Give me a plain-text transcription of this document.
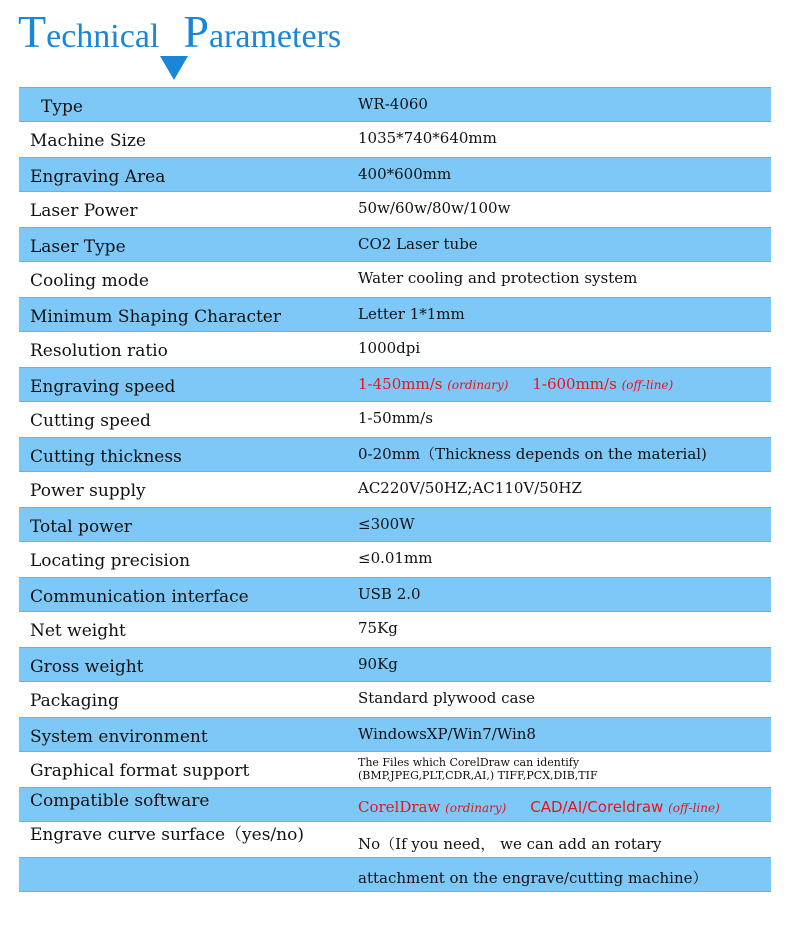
Technical Parameters
Type	WR-4060
Machine Size	1035*740*640mm
Engraving Area	400*600mm
Laser Power	50w/60w/80w/100w
Laser Type	CO2 Laser tube
Cooling mode	Water cooling and protection system
Minimum Shaping Character	Letter 1*1mm
Resolution ratio	1000dpi
Engraving speed	1-450mm/s (ordinary) 1-600mm/s (off-line)
Cutting speed	1-50mm/s
Cutting thickness	0-20mm（Thickness depends on the material)
Power supply	AC220V/50HZ;AC110V/50HZ
Total power	≤300W
Locating precision	≤0.01mm
Communication interface	USB 2.0
Net weight	75Kg
Gross weight	90Kg
Packaging	Standard plywood case
System environment	WindowsXP/Win7/Win8
Graphical format support	The Files which CorelDraw can identify
(BMP,JPEG,PLT,CDR,AI,) TIFF,PCX,DIB,TIF
Compatible software	CorelDraw (ordinary) CAD/AI/Coreldraw (off-line)
Engrave curve surface（yes/no)	No（If you need， we can add an rotary
attachment on the engrave/cutting machine）
